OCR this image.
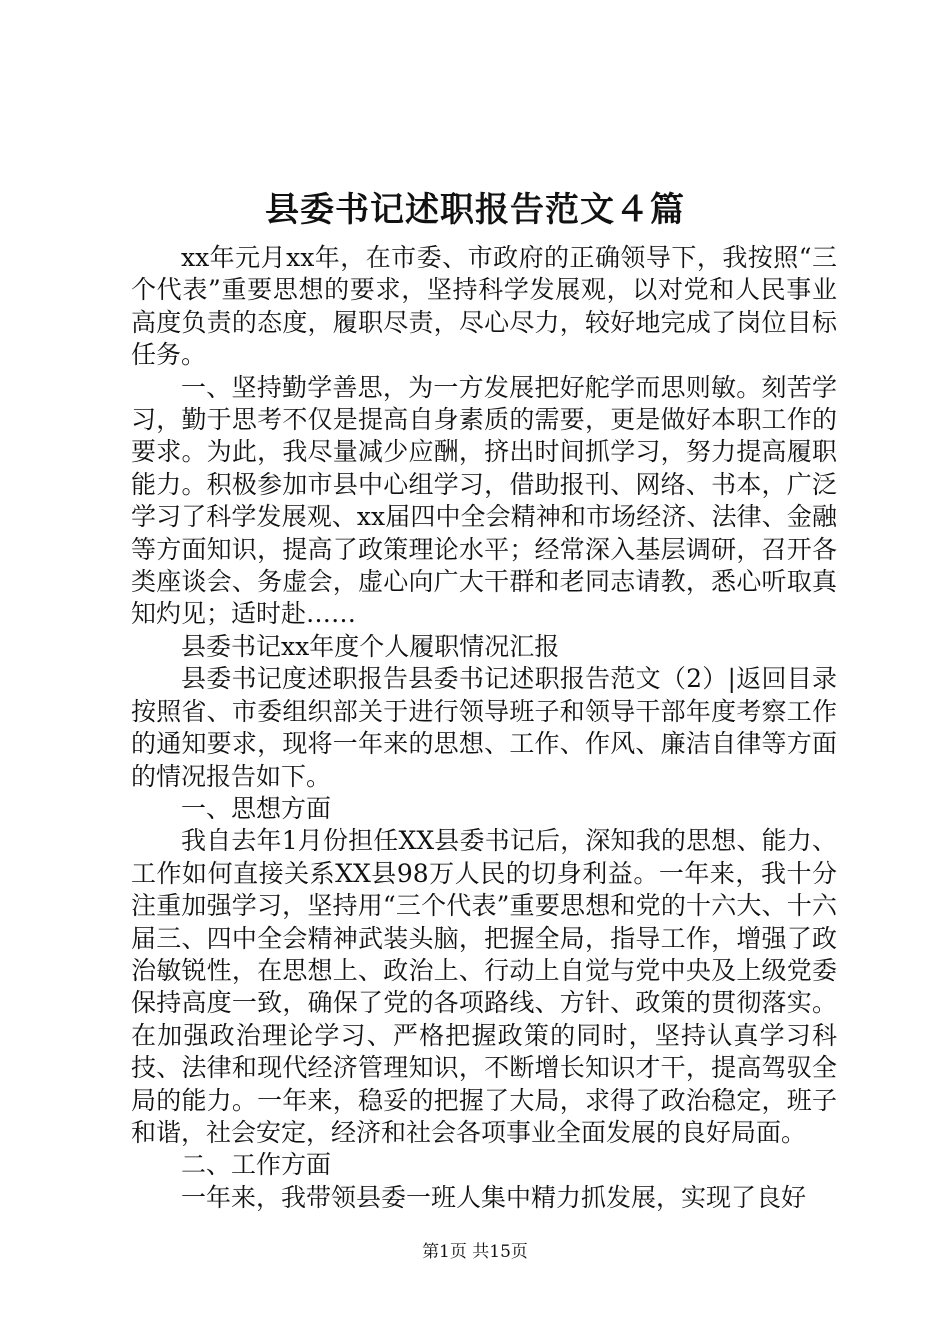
县委书记述职报告范文４篇

xx年元月xx年，在市委、市政府的正确领导下，我按照“三个代表”重要思想的要求，坚持科学发展观，以对党和人民事业高度负责的态度，履职尽责，尽心尽力，较好地完成了岗位目标任务。

一、坚持勤学善思，为一方发展把好舵学而思则敏。刻苦学习，勤于思考不仅是提高自身素质的需要，更是做好本职工作的要求。为此，我尽量减少应酬，挤出时间抓学习，努力提高履职能力。积极参加市县中心组学习，借助报刊、网络、书本，广泛学习了科学发展观、xx届四中全会精神和市场经济、法律、金融等方面知识，提高了政策理论水平；经常深入基层调研，召开各类座谈会、务虚会，虚心向广大干群和老同志请教，悉心听取真知灼见；适时赴……

县委书记xx年度个人履职情况汇报

县委书记度述职报告县委书记述职报告范文（2）|返回目录按照省、市委组织部关于进行领导班子和领导干部年度考察工作的通知要求，现将一年来的思想、工作、作风、廉洁自律等方面的情况报告如下。

一、思想方面

我自去年1月份担任XX县委书记后，深知我的思想、能力、工作如何直接关系XX县98万人民的切身利益。一年来，我十分注重加强学习，坚持用“三个代表”重要思想和党的十六大、十六届三、四中全会精神武装头脑，把握全局，指导工作，增强了政治敏锐性，在思想上、政治上、行动上自觉与党中央及上级党委保持高度一致，确保了党的各项路线、方针、政策的贯彻落实。在加强政治理论学习、严格把握政策的同时，坚持认真学习科技、法律和现代经济管理知识，不断增长知识才干，提高驾驭全局的能力。一年来，稳妥的把握了大局，求得了政治稳定，班子和谐，社会安定，经济和社会各项事业全面发展的良好局面。

二、工作方面

一年来，我带领县委一班人集中精力抓发展，实现了良好

第1页 共15页
